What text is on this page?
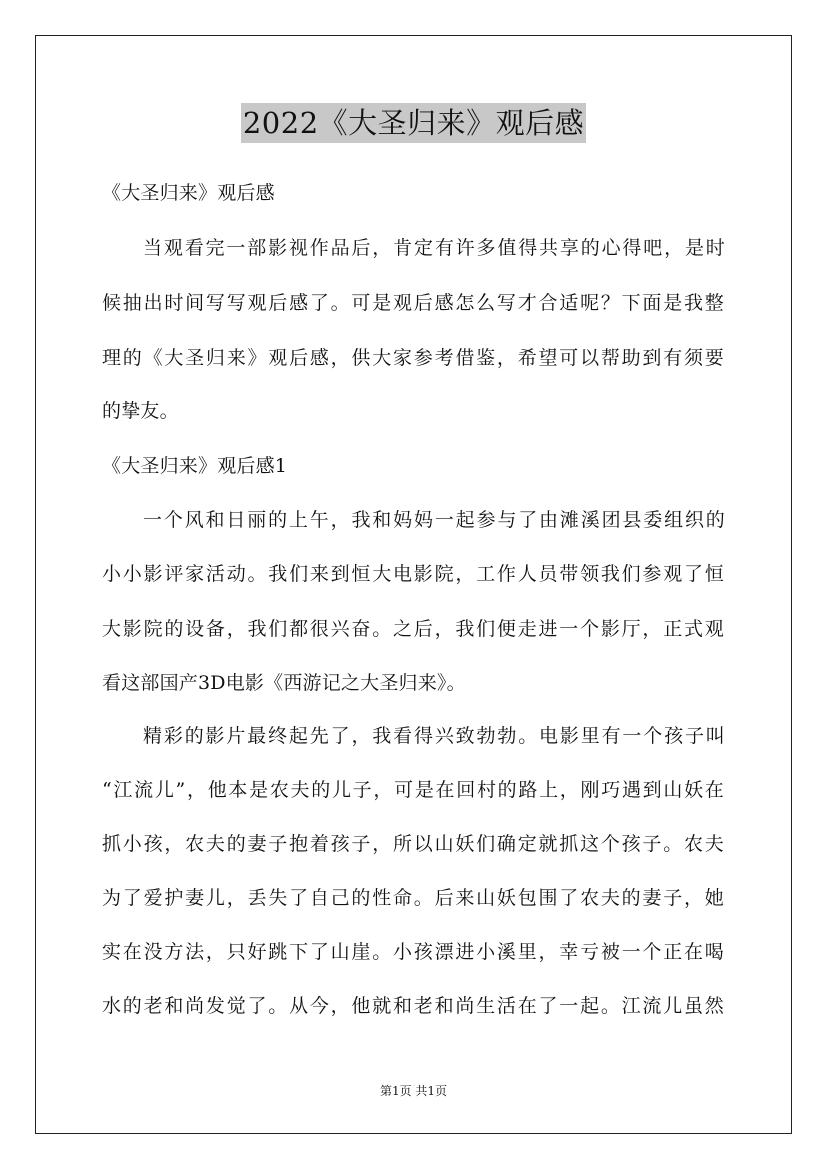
2022《大圣归来》观后感
《大圣归来》观后感
当观看完一部影视作品后，肯定有许多值得共享的心得吧，是时
候抽出时间写写观后感了。可是观后感怎么写才合适呢？下面是我整
理的《大圣归来》观后感，供大家参考借鉴，希望可以帮助到有须要
的挚友。
《大圣归来》观后感1
一个风和日丽的上午，我和妈妈一起参与了由滩溪团县委组织的
小小影评家活动。我们来到恒大电影院，工作人员带领我们参观了恒
大影院的设备，我们都很兴奋。之后，我们便走进一个影厅，正式观
看这部国产3D电影《西游记之大圣归来》。
精彩的影片最终起先了，我看得兴致勃勃。电影里有一个孩子叫
“江流儿”，他本是农夫的儿子，可是在回村的路上，刚巧遇到山妖在
抓小孩，农夫的妻子抱着孩子，所以山妖们确定就抓这个孩子。农夫
为了爱护妻儿，丢失了自己的性命。后来山妖包围了农夫的妻子，她
实在没方法，只好跳下了山崖。小孩漂进小溪里，幸亏被一个正在喝
水的老和尚发觉了。从今，他就和老和尚生活在了一起。江流儿虽然
第1页 共1页
